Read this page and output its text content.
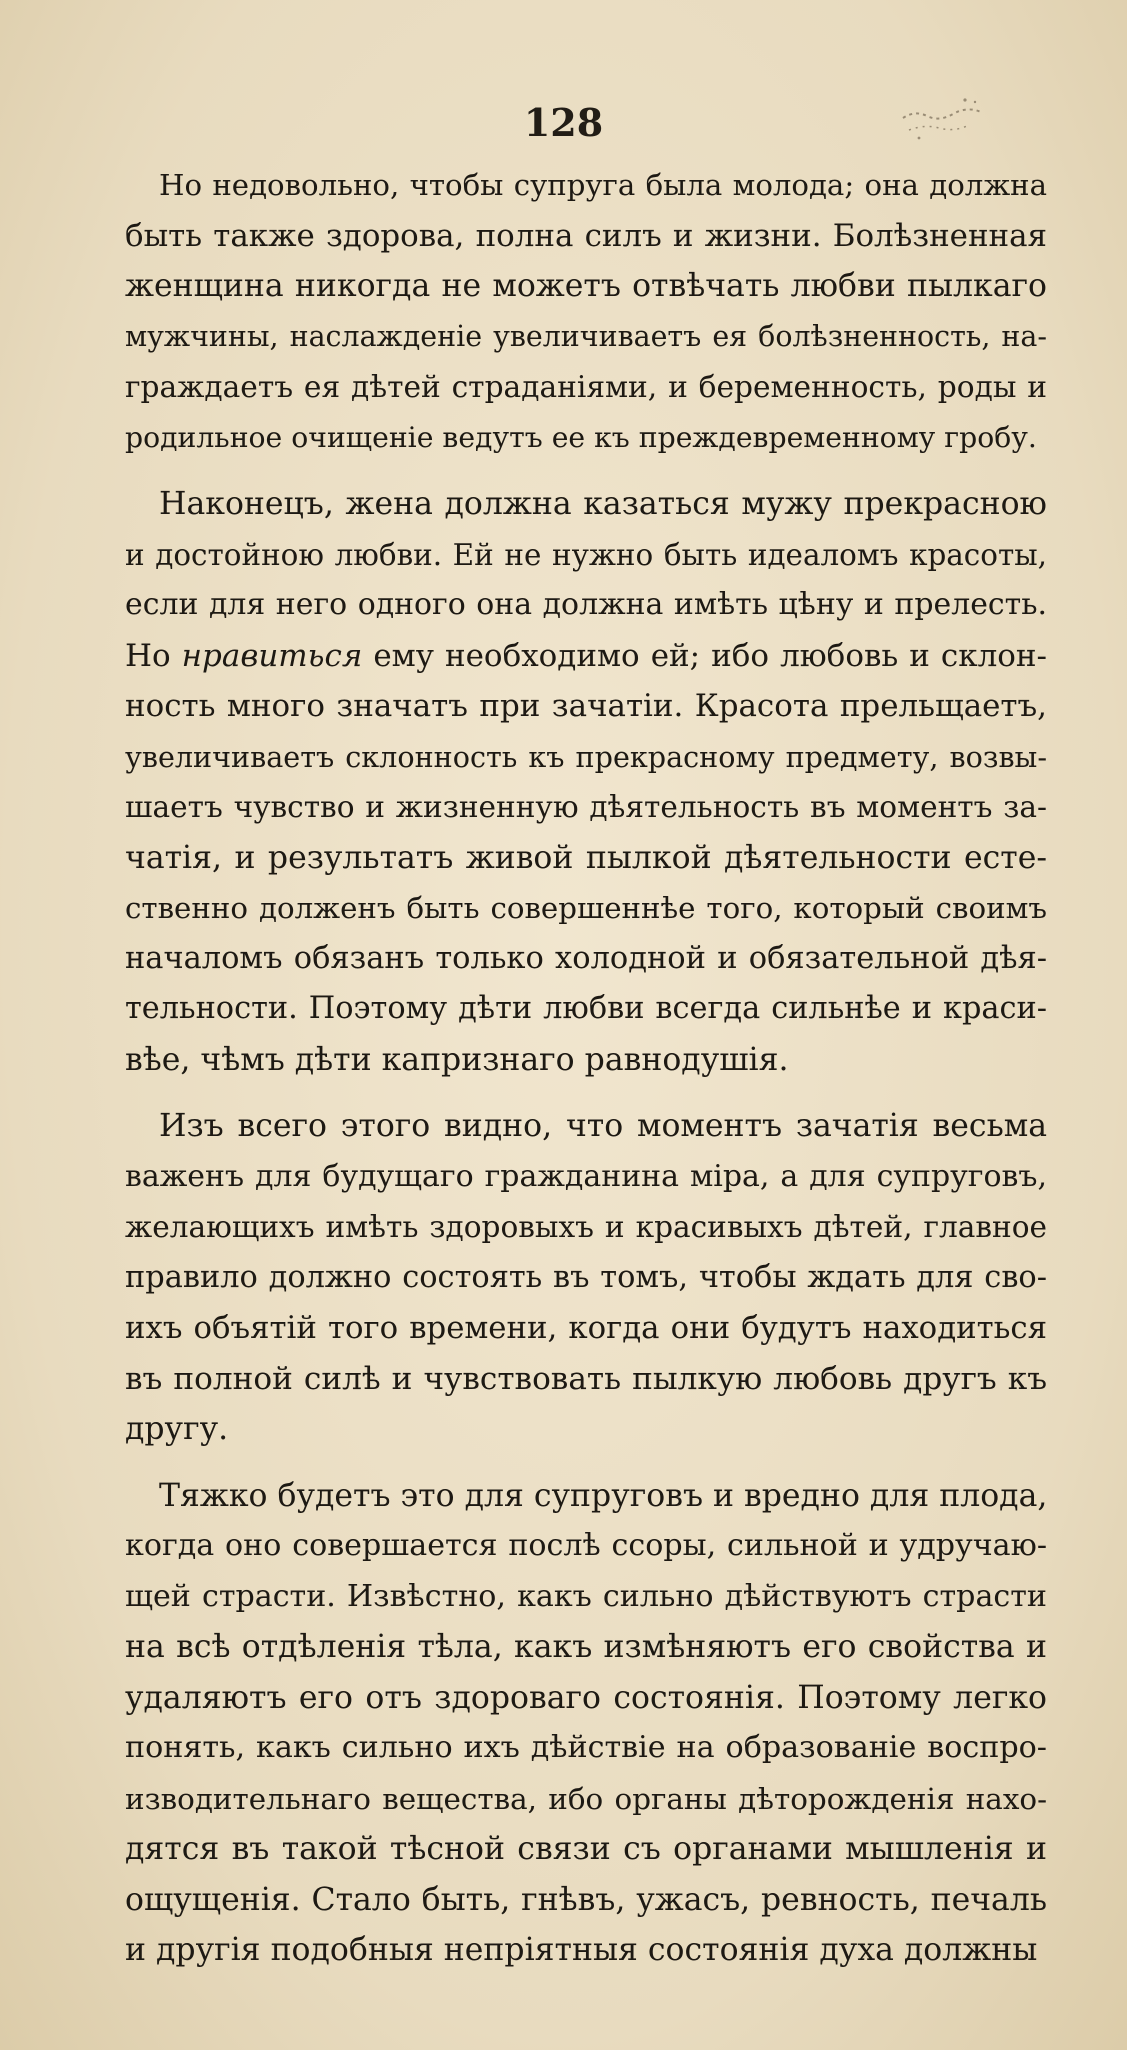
128
Но недовольно, чтобы супруга была молода; она должна
быть также здорова, полна силъ и жизни. Болѣзненная
женщина никогда не можетъ отвѣчать любви пылкаго
мужчины, наслажденіе увеличиваетъ ея болѣзненность, на-
граждаетъ ея дѣтей страданіями, и беременность, роды и
родильное очищеніе ведутъ ее къ преждевременному гробу.
Наконецъ, жена должна казаться мужу прекрасною
и достойною любви. Ей не нужно быть идеаломъ красоты,
если для него одного она должна имѣть цѣну и прелесть.
Но нравиться ему необходимо ей; ибо любовь и склон-
ность много значатъ при зачатіи. Красота прельщаетъ,
увеличиваетъ склонность къ прекрасному предмету, возвы-
шаетъ чувство и жизненную дѣятельность въ моментъ за-
чатія, и результатъ живой пылкой дѣятельности есте-
ственно долженъ быть совершеннѣе того, который своимъ
началомъ обязанъ только холодной и обязательной дѣя-
тельности. Поэтому дѣти любви всегда сильнѣе и краси-
вѣе, чѣмъ дѣти капризнаго равнодушія.
Изъ всего этого видно, что моментъ зачатія весьма
важенъ для будущаго гражданина міра, а для супруговъ,
желающихъ имѣть здоровыхъ и красивыхъ дѣтей, главное
правило должно состоять въ томъ, чтобы ждать для сво-
ихъ объятій того времени, когда они будутъ находиться
въ полной силѣ и чувствовать пылкую любовь другъ къ
другу.
Тяжко будетъ это для супруговъ и вредно для плода,
когда оно совершается послѣ ссоры, сильной и удручаю-
щей страсти. Извѣстно, какъ сильно дѣйствуютъ страсти
на всѣ отдѣленія тѣла, какъ измѣняютъ его свойства и
удаляютъ его отъ здороваго состоянія. Поэтому легко
понять, какъ сильно ихъ дѣйствіе на образованіе воспро-
изводительнаго вещества, ибо органы дѣторожденія нахо-
дятся въ такой тѣсной связи съ органами мышленія и
ощущенія. Стало быть, гнѣвъ, ужасъ, ревность, печаль
и другія подобныя непріятныя состоянія духа должны
